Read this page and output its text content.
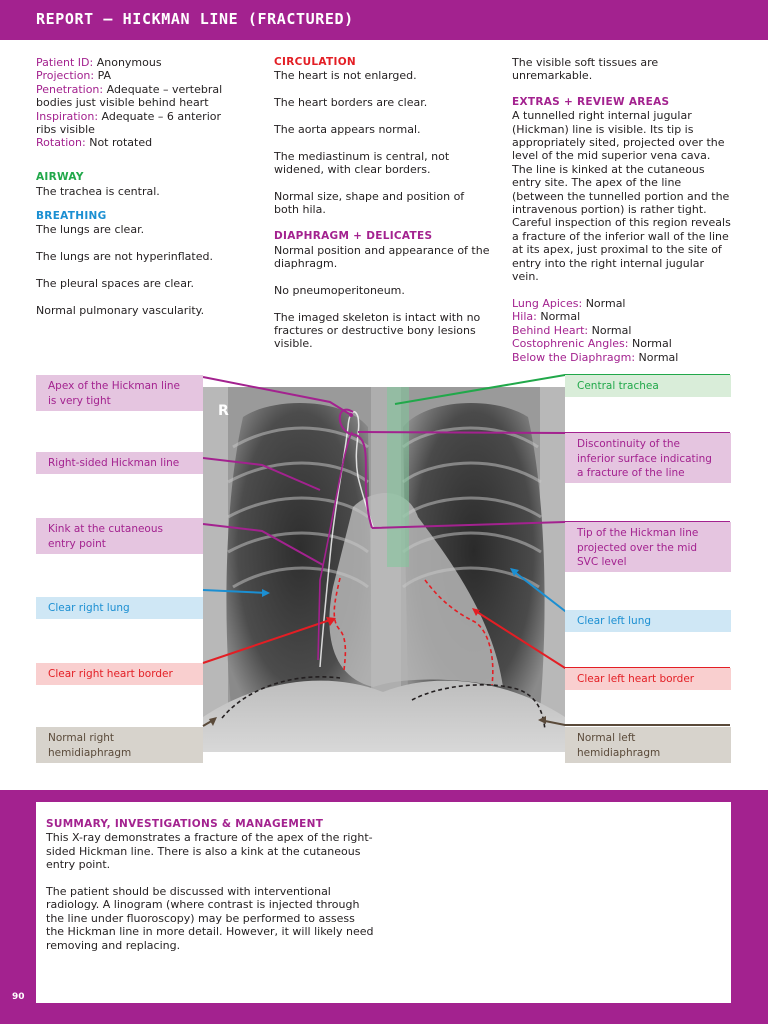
REPORT – HICKMAN LINE (FRACTURED)

Patient ID: Anonymous

Projection: PA

Penetration: Adequate – vertebral bodies just visible behind heart

Inspiration: Adequate – 6 anterior ribs visible

Rotation: Not rotated

AIRWAY

The trachea is central.

BREATHING

The lungs are clear.

The lungs are not hyperinflated.

The pleural spaces are clear.

Normal pulmonary vascularity.

CIRCULATION

The heart is not enlarged.

The heart borders are clear.

The aorta appears normal.

The mediastinum is central, not widened, with clear borders.

Normal size, shape and position of both hila.

DIAPHRAGM + DELICATES

Normal position and appearance of the diaphragm.

No pneumoperitoneum.

The imaged skeleton is intact with no fractures or destructive bony lesions visible.

The visible soft tissues are unremarkable.

EXTRAS + REVIEW AREAS

A tunnelled right internal jugular (Hickman) line is visible. Its tip is appropriately sited, projected over the level of the mid superior vena cava. The line is kinked at the cutaneous entry site. The apex of the line (between the tunnelled portion and the intravenous portion) is rather tight. Careful inspection of this region reveals a fracture of the inferior wall of the line at its apex, just proximal to the site of entry into the right internal jugular vein.

Lung Apices: Normal

Hila: Normal

Behind Heart: Normal

Costophrenic Angles: Normal

Below the Diaphragm: Normal

R
Apex of the Hickman line
is very tight
Right-sided Hickman line
Kink at the cutaneous
entry point
Clear right lung
Clear right heart border
Normal right
hemidiaphragm
Central trachea
Discontinuity of the
inferior surface indicating
a fracture of the line
Tip of the Hickman line
projected over the mid
SVC level
Clear left lung
Clear left heart border
Normal left
hemidiaphragm

SUMMARY, INVESTIGATIONS & MANAGEMENT

This X-ray demonstrates a fracture of the apex of the right-sided Hickman line. There is also a kink at the cutaneous entry point.

The patient should be discussed with interventional radiology. A linogram (where contrast is injected through the line under fluoroscopy) may be performed to assess the Hickman line in more detail. However, it will likely need removing and replacing.

90
